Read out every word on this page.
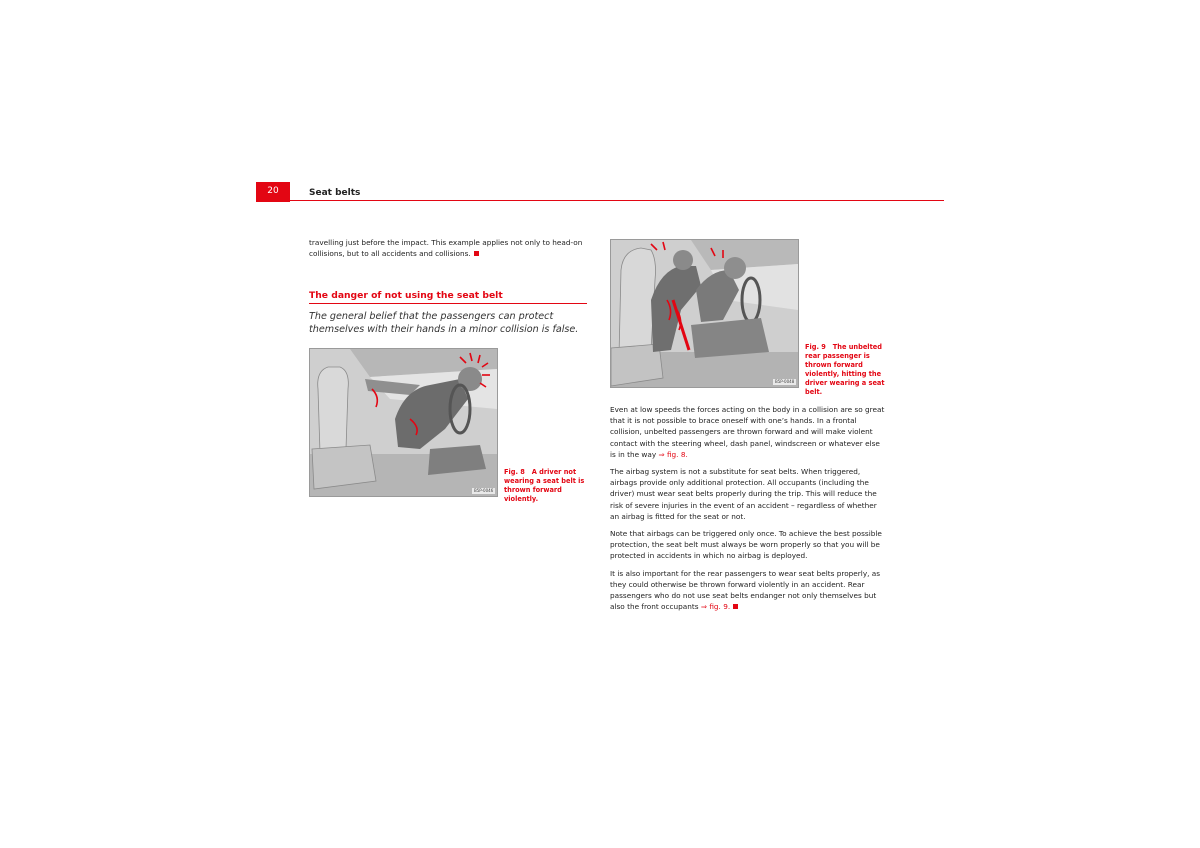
20	Seat belts

travelling just before the impact. This example applies not only to head-on collisions, but to all accidents and collisions.

The danger of not using the seat belt
The general belief that the passengers can protect themselves with their hands in a minor collision is false.
B5P-0046
Fig. 8 A driver not wearing a seat belt is thrown forward violently.
B5P-0048
Fig. 9 The unbelted rear passenger is thrown forward violently, hitting the driver wearing a seat belt.

Even at low speeds the forces acting on the body in a collision are so great that it is not possible to brace oneself with one’s hands. In a frontal collision, unbelted passengers are thrown forward and will make violent contact with the steering wheel, dash panel, windscreen or whatever else is in the way ⇒ fig. 8.

The airbag system is not a substitute for seat belts. When triggered, airbags provide only additional protection. All occupants (including the driver) must wear seat belts properly during the trip. This will reduce the risk of severe injuries in the event of an accident – regardless of whether an airbag is fitted for the seat or not.

Note that airbags can be triggered only once. To achieve the best possible protection, the seat belt must always be worn properly so that you will be protected in accidents in which no airbag is deployed.

It is also important for the rear passengers to wear seat belts properly, as they could otherwise be thrown forward violently in an accident. Rear passengers who do not use seat belts endanger not only themselves but also the front occupants ⇒ fig. 9.
